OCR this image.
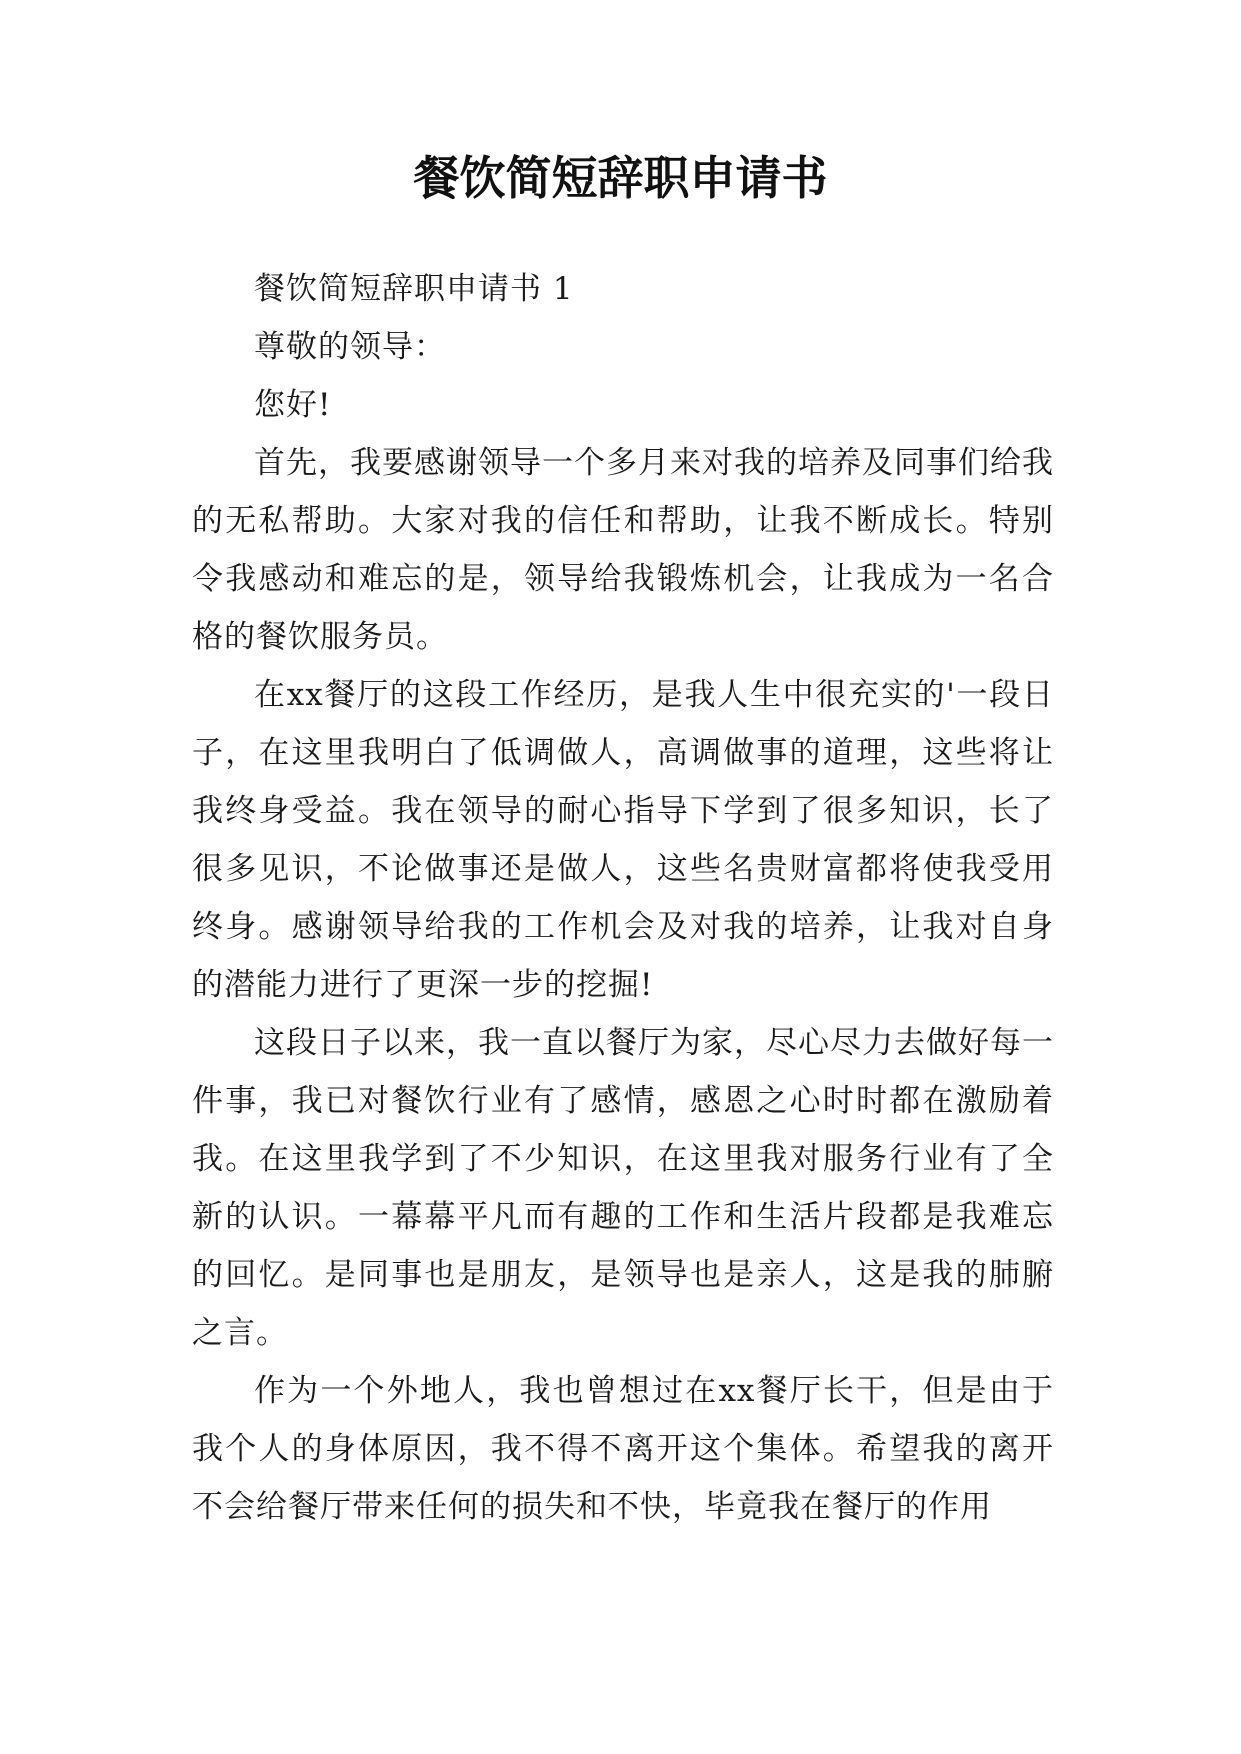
餐饮简短辞职申请书

餐饮简短辞职申请书 1

尊敬的领导：

您好!

首先，我要感谢领导一个多月来对我的培养及同事们给我的无私帮助。大家对我的信任和帮助，让我不断成长。特别令我感动和难忘的是，领导给我锻炼机会，让我成为一名合格的餐饮服务员。

在xx餐厅的这段工作经历，是我人生中很充实的'一段日子，在这里我明白了低调做人，高调做事的道理，这些将让我终身受益。我在领导的耐心指导下学到了很多知识，长了很多见识，不论做事还是做人，这些名贵财富都将使我受用终身。感谢领导给我的工作机会及对我的培养，让我对自身的潜能力进行了更深一步的挖掘!

这段日子以来，我一直以餐厅为家，尽心尽力去做好每一件事，我已对餐饮行业有了感情，感恩之心时时都在激励着我。在这里我学到了不少知识，在这里我对服务行业有了全新的认识。一幕幕平凡而有趣的工作和生活片段都是我难忘的回忆。是同事也是朋友，是领导也是亲人，这是我的肺腑之言。

作为一个外地人，我也曾想过在xx餐厅长干，但是由于我个人的身体原因，我不得不离开这个集体。希望我的离开不会给餐厅带来任何的损失和不快，毕竟我在餐厅的作用
